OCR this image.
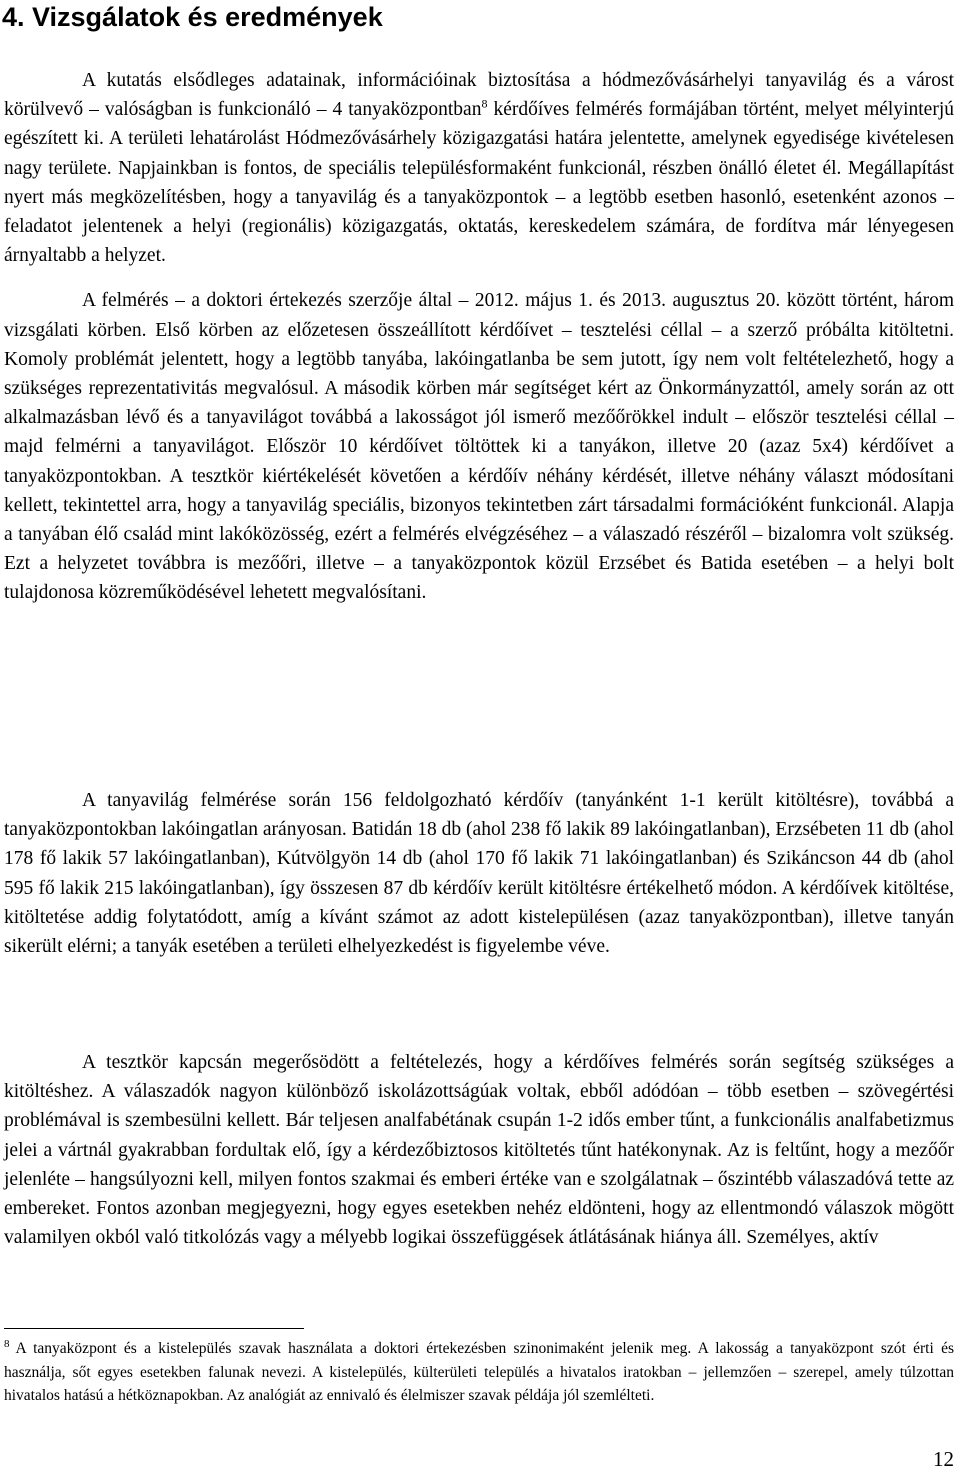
4. Vizsgálatok és eredmények

A kutatás elsődleges adatainak, információinak biztosítása a hódmezővásárhelyi tanyavilág és a várost körülvevő – valóságban is funkcionáló – 4 tanyaközpontban$^8$ kérdőíves felmérés formájában történt, melyet mélyinterjú egészített ki. A területi lehatárolást Hódmezővásárhely közigazgatási határa jelentette, amelynek egyedisége kivételesen nagy területe. Napjainkban is fontos, de speciális településformaként funkcionál, részben önálló életet él. Megállapítást nyert más megközelítésben, hogy a tanyavilág és a tanyaközpontok – a legtöbb esetben hasonló, esetenként azonos – feladatot jelentenek a helyi (regionális) közigazgatás, oktatás, kereskedelem számára, de fordítva már lényegesen árnyaltabb a helyzet.

A felmérés – a doktori értekezés szerzője által – 2012. május 1. és 2013. augusztus 20. között történt, három vizsgálati körben. Első körben az előzetesen összeállított kérdőívet – tesztelési céllal – a szerző próbálta kitöltetni. Komoly problémát jelentett, hogy a legtöbb tanyába, lakóingatlanba be sem jutott, így nem volt feltételezhető, hogy a szükséges reprezentativitás megvalósul. A második körben már segítséget kért az Önkormányzattól, amely során az ott alkalmazásban lévő és a tanyavilágot továbbá a lakosságot jól ismerő mezőőrökkel indult – először tesztelési céllal – majd felmérni a tanyavilágot. Először 10 kérdőívet töltöttek ki a tanyákon, illetve 20 (azaz 5x4) kérdőívet a tanyaközpontokban. A tesztkör kiértékelését követően a kérdőív néhány kérdését, illetve néhány választ módosítani kellett, tekintettel arra, hogy a tanyavilág speciális, bizonyos tekintetben zárt társadalmi formációként funkcionál. Alapja a tanyában élő család mint lakóközösség, ezért a felmérés elvégzéséhez – a válaszadó részéről – bizalomra volt szükség. Ezt a helyzetet továbbra is mezőőri, illetve – a tanyaközpontok közül Erzsébet és Batida esetében – a helyi bolt tulajdonosa közreműködésével lehetett megvalósítani.

A tanyavilág felmérése során 156 feldolgozható kérdőív (tanyánként 1-1 került kitöltésre), továbbá a tanyaközpontokban lakóingatlan arányosan. Batidán 18 db (ahol 238 fő lakik 89 lakóingatlanban), Erzsébeten 11 db (ahol 178 fő lakik 57 lakóingatlanban), Kútvölgyön 14 db (ahol 170 fő lakik 71 lakóingatlanban) és Szikáncson 44 db (ahol 595 fő lakik 215 lakóingatlanban), így összesen 87 db kérdőív került kitöltésre értékelhető módon. A kérdőívek kitöltése, kitöltetése addig folytatódott, amíg a kívánt számot az adott kistelepülésen (azaz tanyaközpontban), illetve tanyán sikerült elérni; a tanyák esetében a területi elhelyezkedést is figyelembe véve.

A tesztkör kapcsán megerősödött a feltételezés, hogy a kérdőíves felmérés során segítség szükséges a kitöltéshez. A válaszadók nagyon különböző iskolázottságúak voltak, ebből adódóan – több esetben – szövegértési problémával is szembesülni kellett. Bár teljesen analfabétának csupán 1-2 idős ember tűnt, a funkcionális analfabetizmus jelei a vártnál gyakrabban fordultak elő, így a kérdezőbiztosos kitöltetés tűnt hatékonynak. Az is feltűnt, hogy a mezőőr jelenléte – hangsúlyozni kell, milyen fontos szakmai és emberi értéke van e szolgálatnak – őszintébb válaszadóvá tette az embereket. Fontos azonban megjegyezni, hogy egyes esetekben nehéz eldönteni, hogy az ellentmondó válaszok mögött valamilyen okból való titkolózás vagy a mélyebb logikai összefüggések átlátásának hiánya áll. Személyes, aktív

$^8$ A tanyaközpont és a kistelepülés szavak használata a doktori értekezésben szinonimaként jelenik meg. A lakosság a tanyaközpont szót érti és használja, sőt egyes esetekben falunak nevezi. A kistelepülés, külterületi település a hivatalos iratokban – jellemzően – szerepel, amely túlzottan hivatalos hatású a hétköznapokban. Az analógiát az ennivaló és élelmiszer szavak példája jól szemlélteti.

12
